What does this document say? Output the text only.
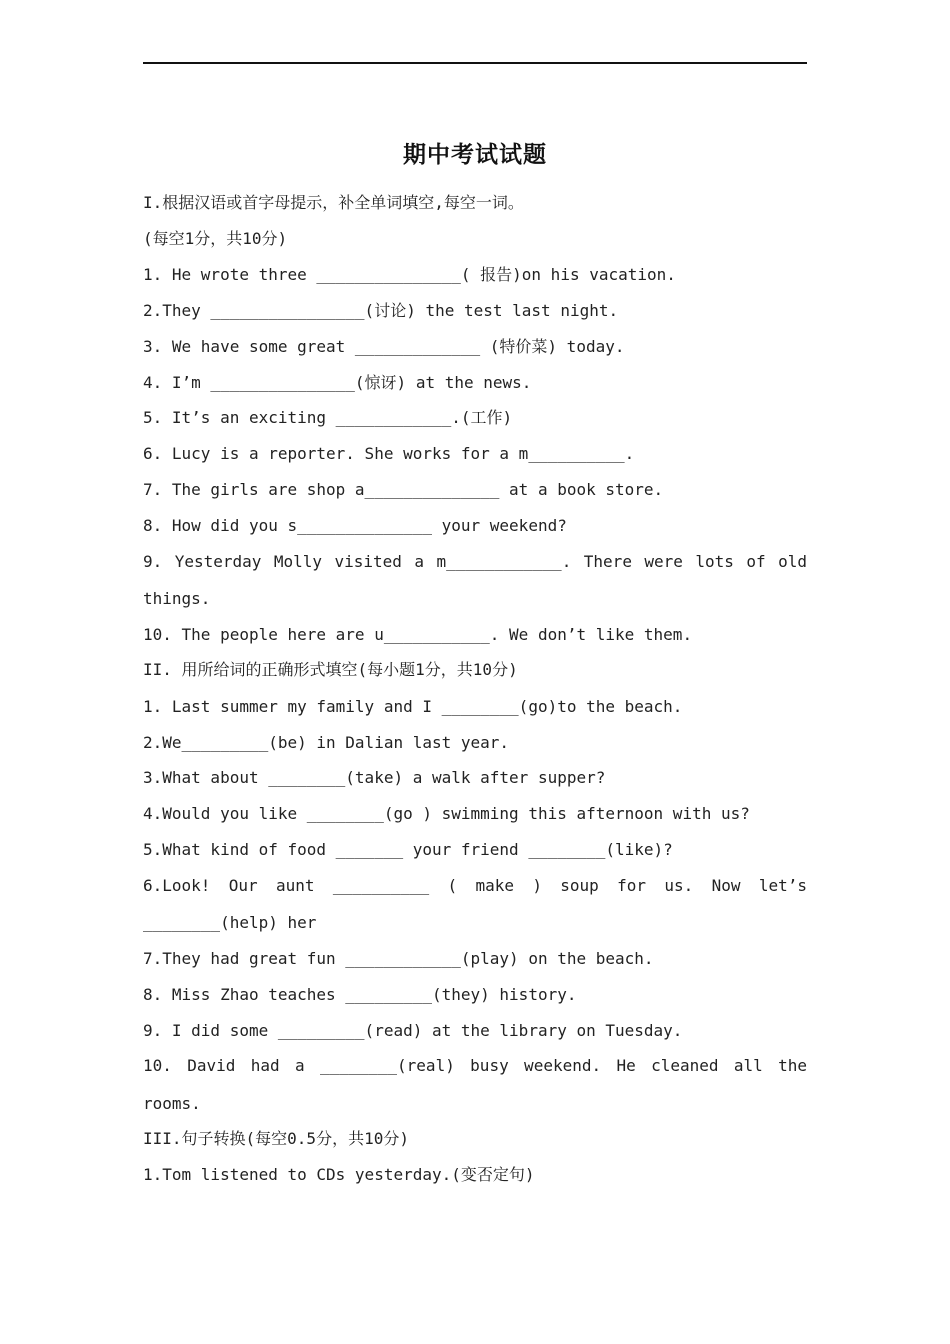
期中考试试题
I.根据汉语或首字母提示，补全单词填空,每空一词。
(每空1分，共10分)
1. He wrote three _______________( 报告)on his vacation.
2.They ________________(讨论) the test last night.
3. We have some great _____________ (特价菜) today.
4. I’m _______________(惊讶) at the news.
5. It’s an exciting ____________.(工作)
6. Lucy is a reporter. She works for a m__________.
7. The girls are shop a______________ at a book store.
8. How did you s______________ your weekend?
9. Yesterday Molly visited a m____________. There were lots of old
things.
10. The people here are u___________. We don’t like them.
II. 用所给词的正确形式填空(每小题1分，共10分)
1. Last summer my family and I ________(go)to the beach.
2.We_________(be) in Dalian last year.
3.What about ________(take) a walk after supper?
4.Would you like ________(go ) swimming this afternoon with us?
5.What kind of food _______ your friend ________(like)?
6.Look! Our aunt __________ ( make ) soup for us. Now let’s
________(help) her
7.They had great fun ____________(play) on the beach.
8. Miss Zhao teaches _________(they) history.
9. I did some _________(read) at the library on Tuesday.
10. David had a ________(real) busy weekend. He cleaned all the
rooms.
III.句子转换(每空0.5分，共10分)
1.Tom listened to CDs yesterday.(变否定句)
